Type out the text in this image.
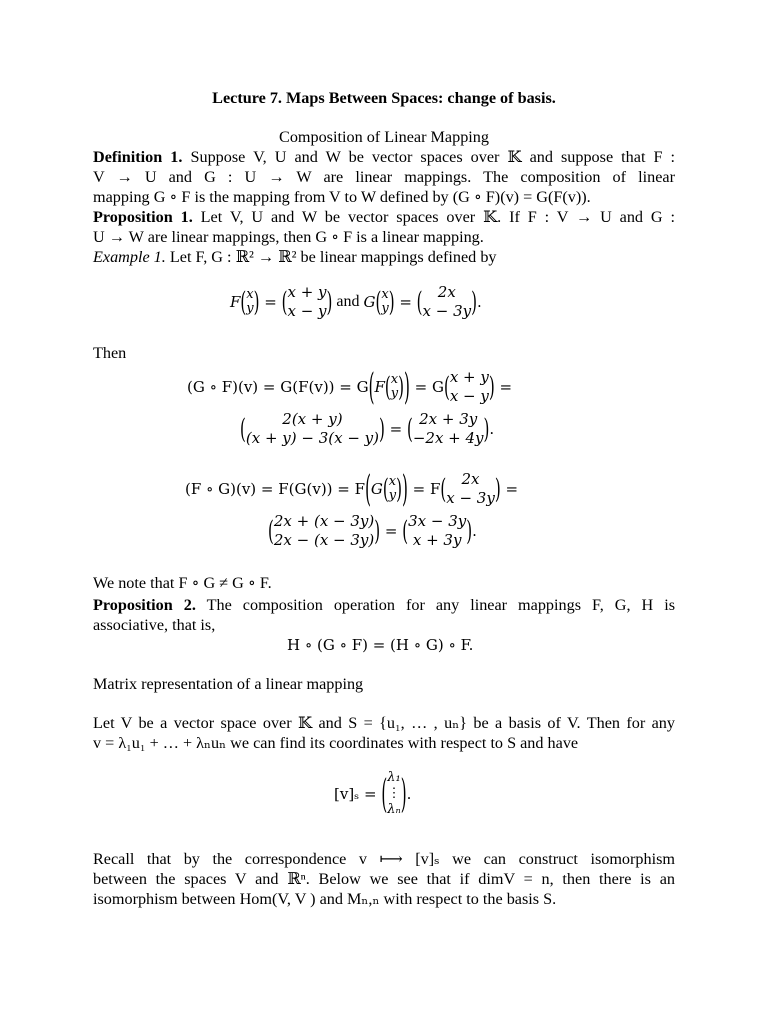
Lecture 7. Maps Between Spaces: change of basis.
Composition of Linear Mapping
Definition 1. Suppose V, U and W be vector spaces over 𝕂 and suppose that F :
V → U and G : U → W are linear mappings. The composition of linear
mapping G ∘ F is the mapping from V to W defined by (G ∘ F)(v) = G(F(v)).
Proposition 1. Let V, U and W be vector spaces over 𝕂. If F : V → U and G :
U → W are linear mappings, then G ∘ F is a linear mapping.
Example 1. Let F, G : ℝ² → ℝ² be linear mappings defined by
F ( x
y ) = ( x + y
x − y ) and G ( x
y ) = (	2x
x − 3y ) .
Then
(G ∘ F)(v) = G(F(v)) = G ( F ( x
y ) ) = G ( x + y
x − y ) =
(	2(x + y)
(x + y) − 3(x − y) ) = ( 2x + 3y
−2x + 4y ) .
(F ∘ G)(v) = F(G(v)) = F ( G ( x
y ) ) = F (	2x
x − 3y ) =
( 2x + (x − 3y)
2x − (x − 3y) ) = ( 3x − 3y
x + 3y ) .
We note that F ∘ G ≠ G ∘ F.
Proposition 2. The composition operation for any linear mappings F, G, H is
associative, that is,
H ∘ (G ∘ F) = (H ∘ G) ∘ F.
Matrix representation of a linear mapping
Let V be a vector space over 𝕂 and S = {u₁, … , uₙ} be a basis of V. Then for any
v = λ₁u₁ + … + λₙuₙ we can find its coordinates with respect to S and have
[v]ₛ =
( λ₁
⋮
λₙ ) .
Recall that by the correspondence v ⟼ [v]ₛ we can construct isomorphism
between the spaces V and ℝⁿ. Below we see that if dimV = n, then there is an
isomorphism between Hom(V, V ) and Mₙ,ₙ with respect to the basis S.
